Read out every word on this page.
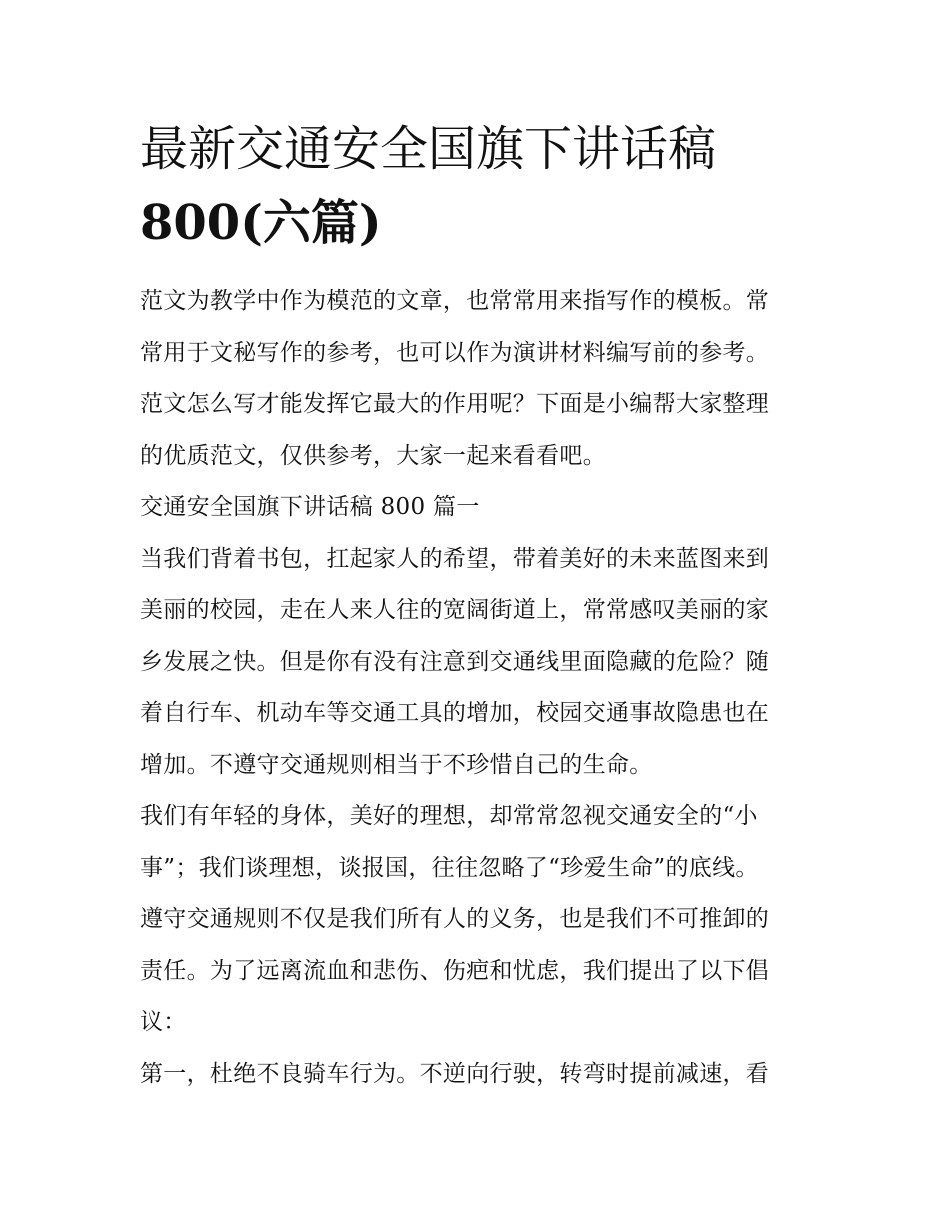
最新交通安全国旗下讲话稿
800(六篇)
范文为教学中作为模范的文章，也常常用来指写作的模板。常
常用于文秘写作的参考，也可以作为演讲材料编写前的参考。
范文怎么写才能发挥它最大的作用呢？下面是小编帮大家整理
的优质范文，仅供参考，大家一起来看看吧。
交通安全国旗下讲话稿 800 篇一
当我们背着书包，扛起家人的希望，带着美好的未来蓝图来到
美丽的校园，走在人来人往的宽阔街道上，常常感叹美丽的家
乡发展之快。但是你有没有注意到交通线里面隐藏的危险？随
着自行车、机动车等交通工具的增加，校园交通事故隐患也在
增加。不遵守交通规则相当于不珍惜自己的生命。
我们有年轻的身体，美好的理想，却常常忽视交通安全的“小
事”；我们谈理想，谈报国，往往忽略了“珍爱生命”的底线。
遵守交通规则不仅是我们所有人的义务，也是我们不可推卸的
责任。为了远离流血和悲伤、伤疤和忧虑，我们提出了以下倡
议：
第一，杜绝不良骑车行为。不逆向行驶，转弯时提前减速，看
